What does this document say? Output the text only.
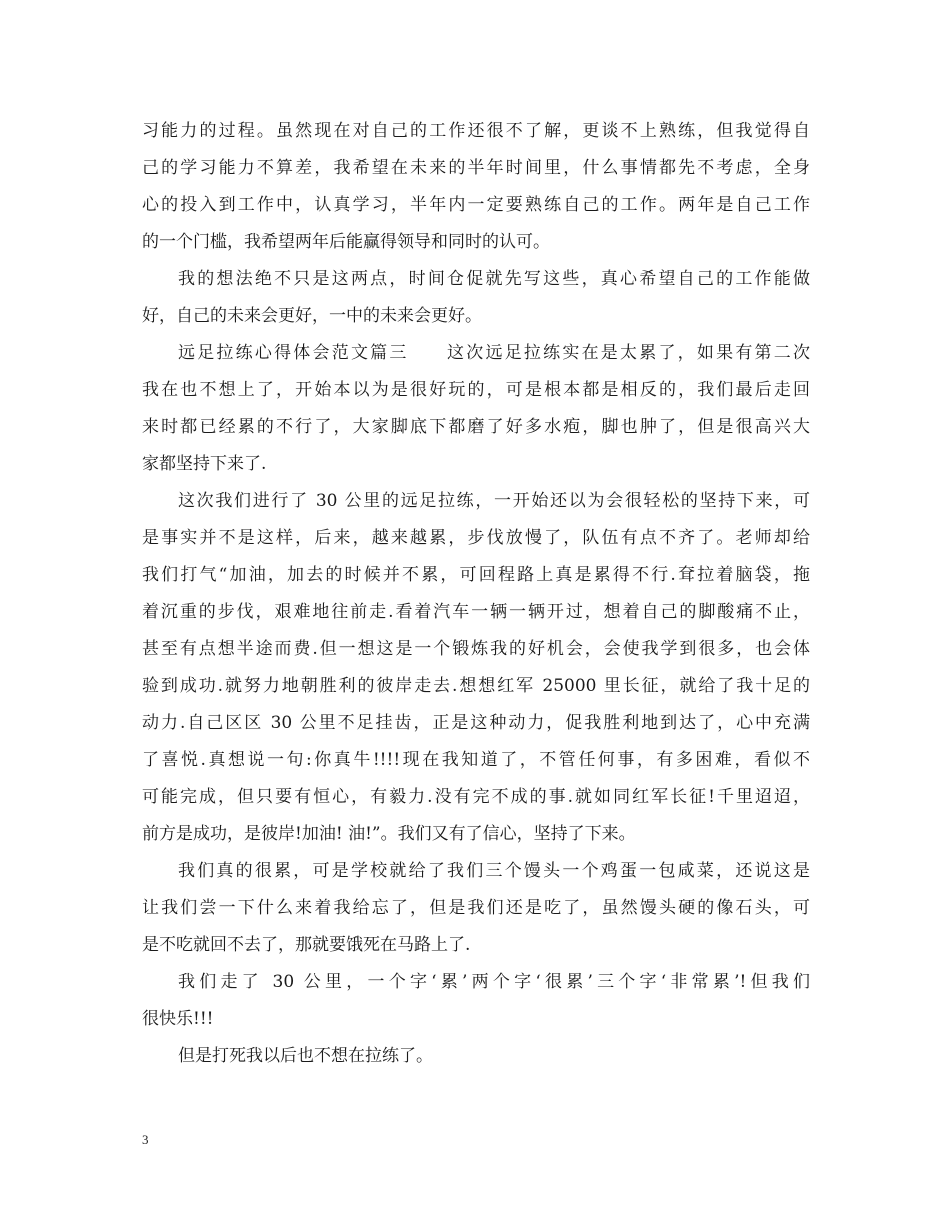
习能力的过程。虽然现在对自己的工作还很不了解，更谈不上熟练，但我觉得自
己的学习能力不算差，我希望在未来的半年时间里，什么事情都先不考虑，全身
心的投入到工作中，认真学习，半年内一定要熟练自己的工作。两年是自己工作
的一个门槛，我希望两年后能赢得领导和同时的认可。
我的想法绝不只是这两点，时间仓促就先写这些，真心希望自己的工作能做
好，自己的未来会更好，一中的未来会更好。
远足拉练心得体会范文篇三　　这次远足拉练实在是太累了，如果有第二次
我在也不想上了，开始本以为是很好玩的，可是根本都是相反的，我们最后走回
来时都已经累的不行了，大家脚底下都磨了好多水疱，脚也肿了，但是很高兴大
家都坚持下来了.
这次我们进行了 30 公里的远足拉练，一开始还以为会很轻松的坚持下来，可
是事实并不是这样，后来，越来越累，步伐放慢了，队伍有点不齐了。老师却给
我们打气“加油，加去的时候并不累，可回程路上真是累得不行.耷拉着脑袋，拖
着沉重的步伐，艰难地往前走.看着汽车一辆一辆开过，想着自己的脚酸痛不止，
甚至有点想半途而费.但一想这是一个锻炼我的好机会，会使我学到很多，也会体
验到成功.就努力地朝胜利的彼岸走去.想想红军 25000 里长征，就给了我十足的
动力.自己区区 30 公里不足挂齿，正是这种动力，促我胜利地到达了，心中充满
了喜悦.真想说一句:你真牛!!!!现在我知道了，不管任何事，有多困难，看似不
可能完成，但只要有恒心，有毅力.没有完不成的事.就如同红军长征!千里迢迢，
前方是成功，是彼岸!加油! 油!”。我们又有了信心，坚持了下来。
我们真的很累，可是学校就给了我们三个馒头一个鸡蛋一包咸菜，还说这是
让我们尝一下什么来着我给忘了，但是我们还是吃了，虽然馒头硬的像石头，可
是不吃就回不去了，那就要饿死在马路上了.
我们走了 30 公里，一个字‘累’两个字‘很累’三个字‘非常累’!但我们
很快乐!!!
但是打死我以后也不想在拉练了。
3
